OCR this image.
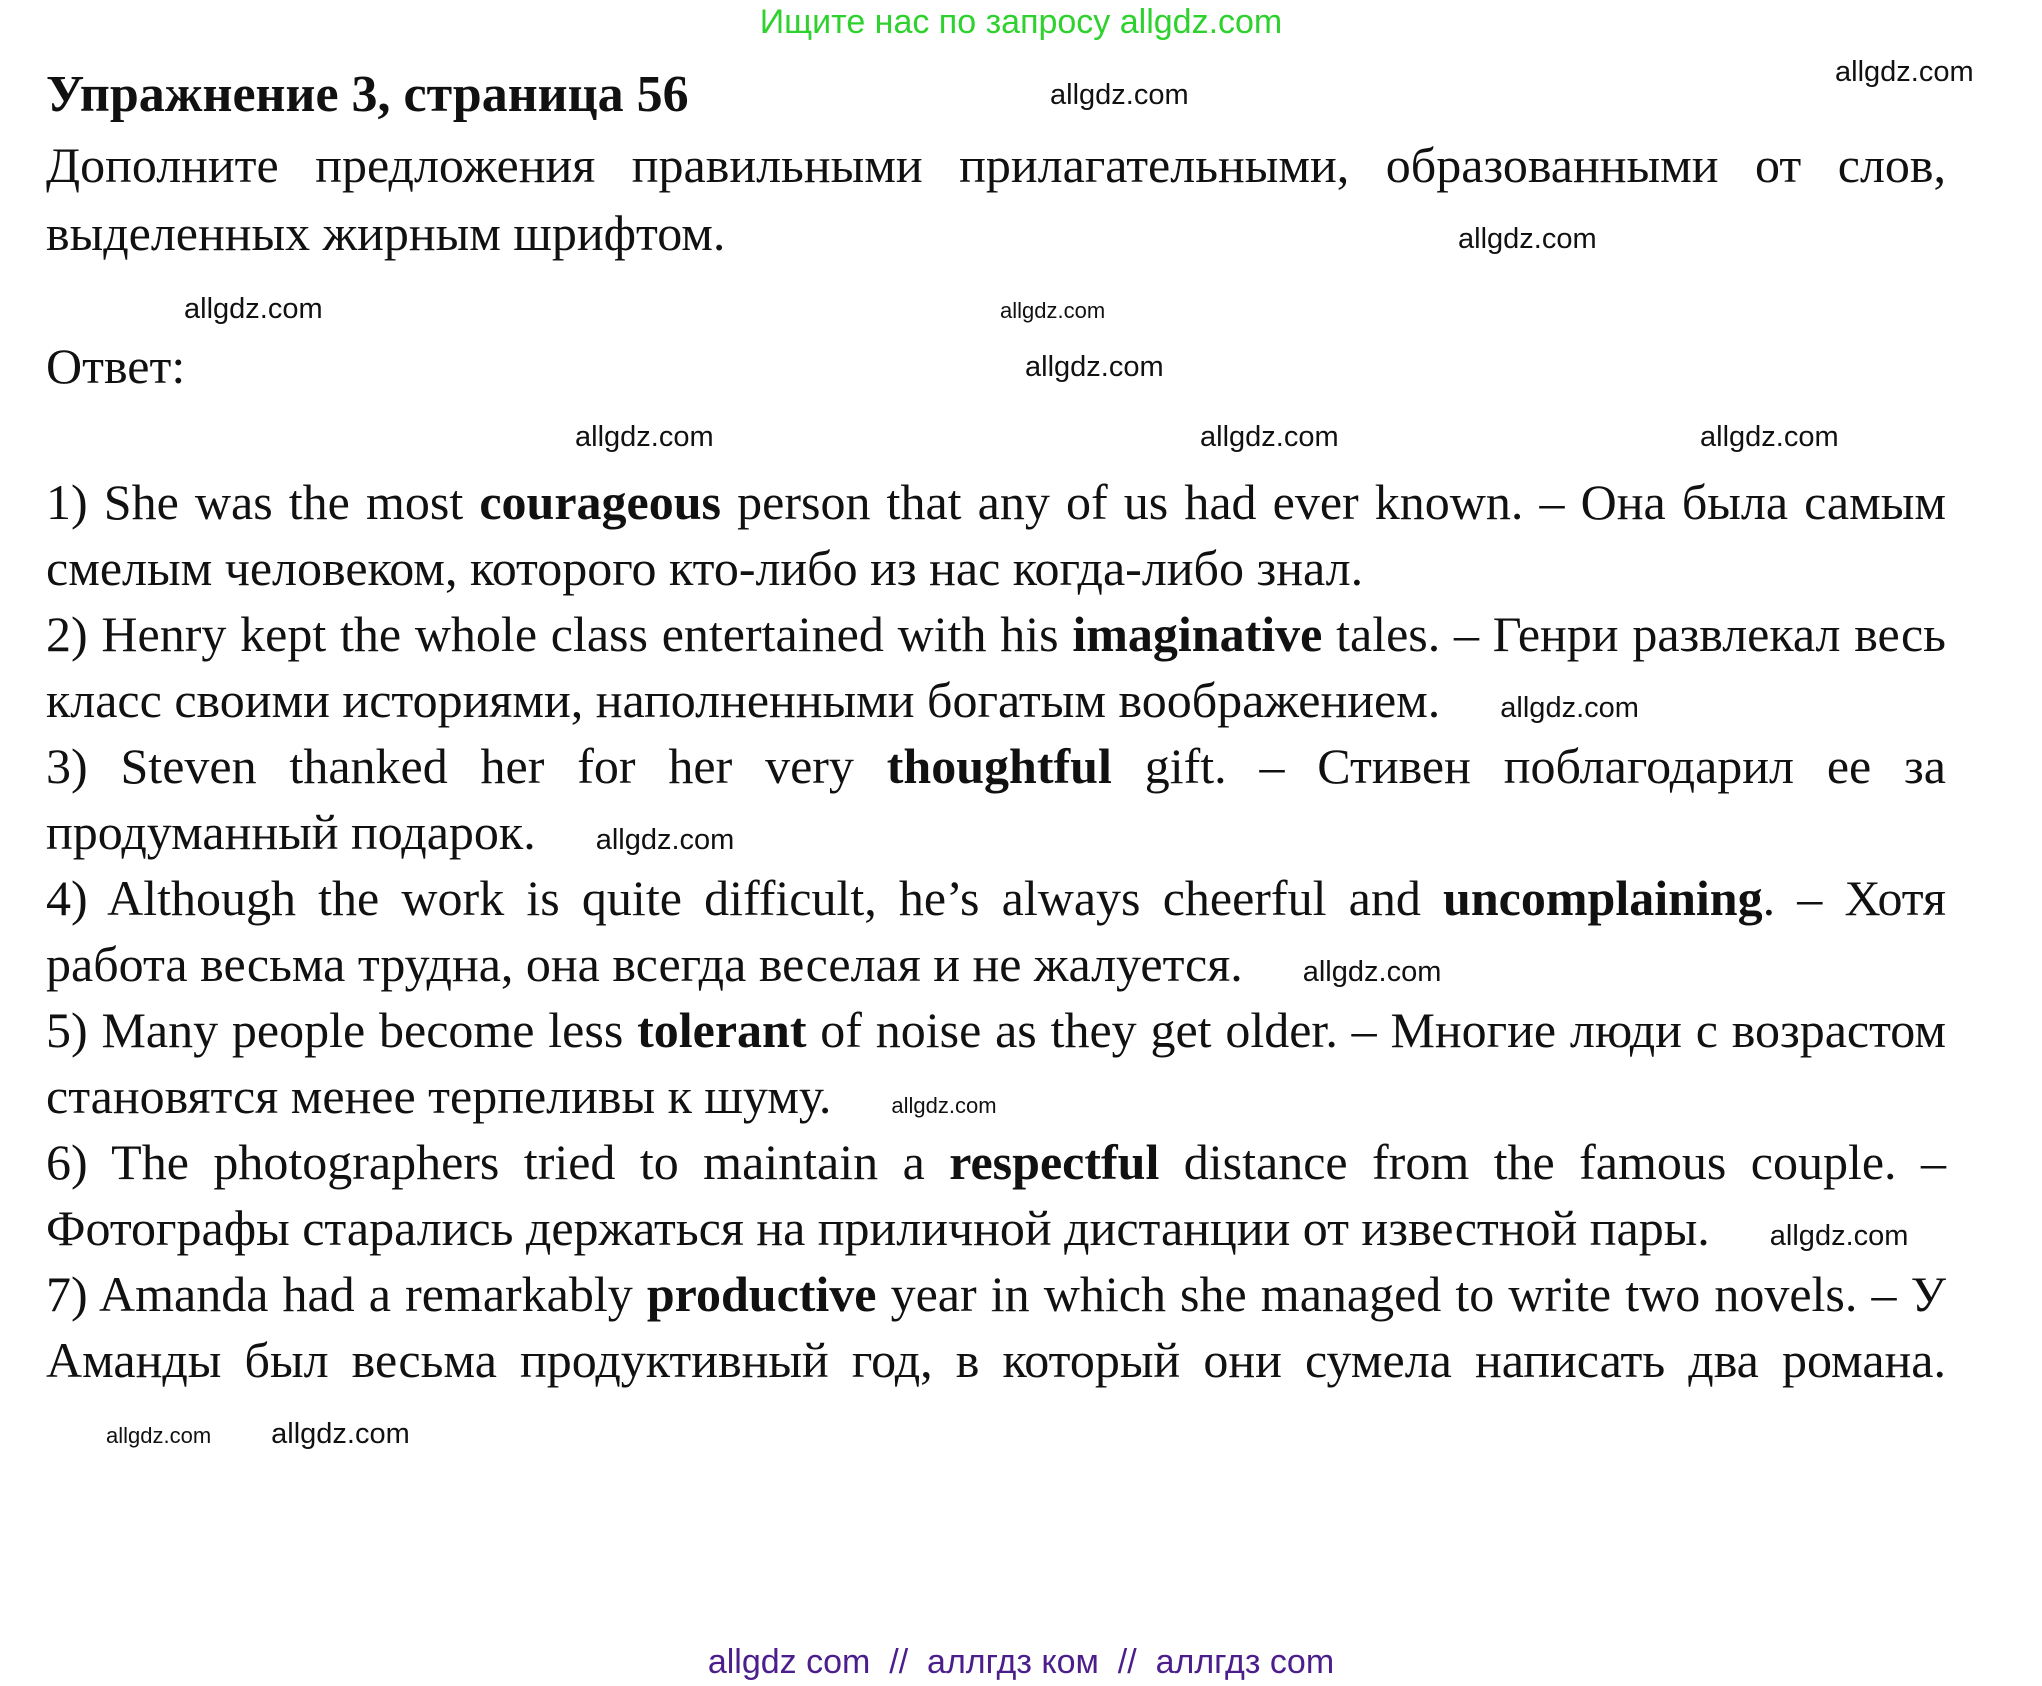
Ищите нас по запросу allgdz.com
Упражнение 3, страница 56
Дополните предложения правильными прилагательными, образованными от слов, выделенных жирным шрифтом.
Ответ:

1) She was the most courageous person that any of us had ever known. – Она была самым смелым человеком, которого кто-либо из нас когда-либо знал.

2) Henry kept the whole class entertained with his imaginative tales. – Генри развлекал весь класс своими историями, наполненными богатым воображением. allgdz.com

3) Steven thanked her for her very thoughtful gift. – Стивен поблагодарил ее за продуманный подарок. allgdz.com

4) Although the work is quite difficult, he’s always cheerful and uncomplaining. – Хотя работа весьма трудна, она всегда веселая и не жалуется. allgdz.com

5) Many people become less tolerant of noise as they get older. – Многие люди с возрастом становятся менее терпеливы к шуму.	allgdz.com

6) The photographers tried to maintain a respectful distance from the famous couple. – Фотографы старались держаться на приличной дистанции от известной пары. allgdz.com

7) Amanda had a remarkably productive year in which she managed to write two novels. – У Аманды был весьма продуктивный год, в который они сумела написать два романа.allgdz.com allgdz.com

allgdz.com
allgdz.com
allgdz.com
allgdz.com	allgdz.com
allgdz.com
allgdz.com	allgdz.com	allgdz.com
allgdz com  //  аллгдз ком  //  аллгдз com
